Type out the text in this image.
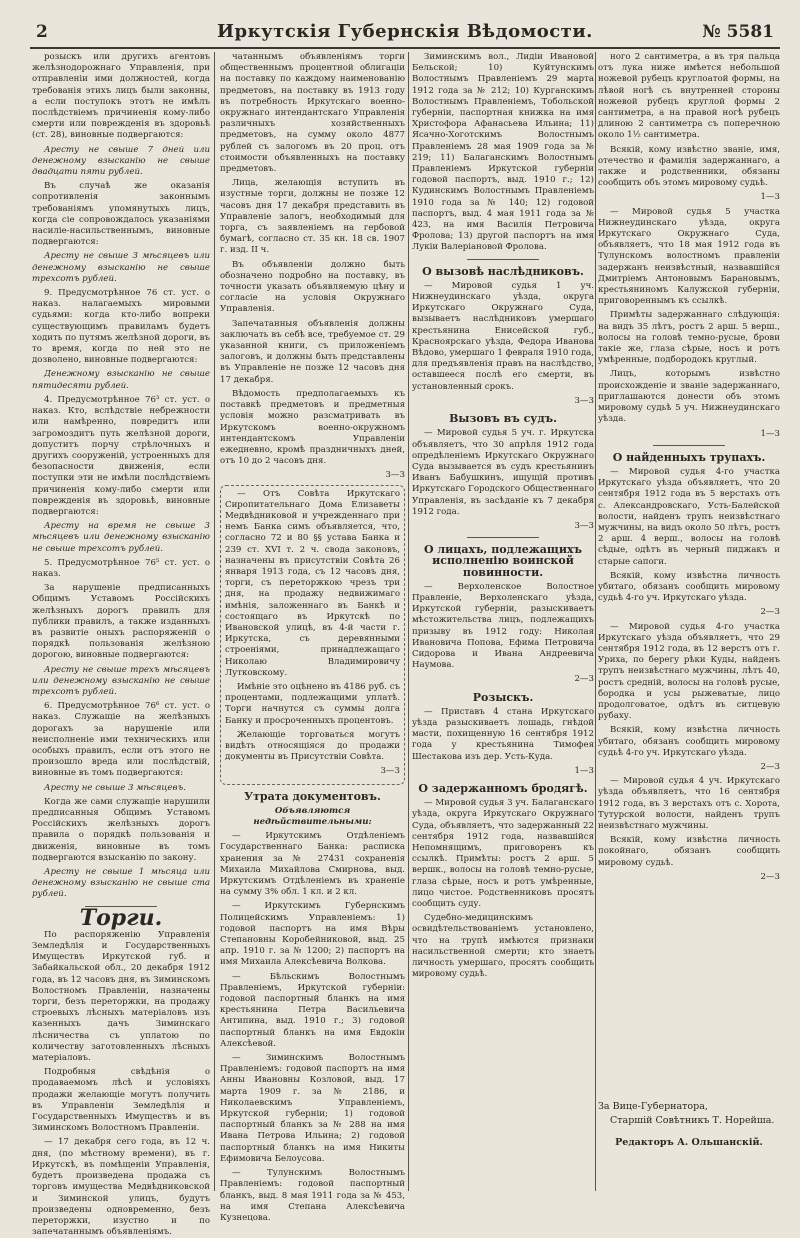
2	Иркутскія Губернскія Вѣдомости.	№ 5581

розыскъ или другихъ агентовъ желѣзнодорожнаго Управленія, при отправленіи ими должностей, когда требованія этихъ лицъ были законны, а если поступокъ этотъ не имѣлъ послѣдствіемъ причиненія кому-либо смерти или поврежденія въ здоровьѣ (ст. 28), виновные подвергаются:

Аресту не свыше 7 дней или денежному взысканію не свыше двадцати пяти рублей.

Въ случаѣ же оказанія сопротивленія законнымъ требованіямъ упомянутыхъ лицъ, когда сіе сопровождалось указаніями насиліе-насильственнымъ, виновные подвергаются:

Аресту не свыше 3 мѣсяцевъ или денежному взысканію не свыше трехсотъ рублей.

9. Предусмотрѣнное 76 ст. уст. о наказ. налагаемыхъ мировыми судьями: когда кто-либо вопреки существующимъ правиламъ будетъ ходить по путямъ желѣзной дороги, въ то время, когда по ней это не дозволено, виновные подвергаются:

Денежному взысканію не свыше пятидесяти рублей.

4. Предусмотрѣнное 76³ ст. уст. о наказ. Кто, вслѣдствіе небрежности или намѣренно, повредитъ или загромоздитъ путь желѣзной дороги, допуститъ порчу стрѣлочныхъ и другихъ сооруженій, устроенныхъ для безопасности движенія, если поступки эти не имѣли послѣдствіемъ причиненія кому-либо смерти или поврежденія въ здоровьѣ, виновные подвергаются:

Аресту на время не свыше 3 мѣсяцевъ или денежному взысканію не свыше трехсотъ рублей.

5. Предусмотрѣнное 76⁵ ст. уст. о наказ.

За нарушеніе предписанныхъ Общимъ Уставомъ Россійскихъ желѣзныхъ дорогъ правилъ для публики правилъ, а также изданныхъ въ развитіе оныхъ распоряженій о порядкѣ пользованія желѣзною дорогою, виновные подвергаются:

Аресту не свыше трехъ мѣсяцевъ или денежному взысканію не свыше трехсотъ рублей.

6. Предусмотрѣнное 76⁶ ст. уст. о наказ. Служащіе на желѣзныхъ дорогахъ за нарушеніе или неисполненіе ими техническихъ или особыхъ правилъ, если отъ этого не произошло вреда или послѣдствій, виновные въ томъ подвергаются:

Аресту не свыше 3 мѣсяцевъ.

Когда же сами служащіе нарушили предписанныя Общимъ Уставомъ Россійскихъ желѣзныхъ дорогъ правила о порядкѣ пользованія и движенія, виновные въ томъ подвергаются взысканію по закону.

Аресту не свыше 1 мѣсяца или денежному взысканію не свыше ста рублей.

Торги.

По распоряженію Управленія Земледѣлія и Государственныхъ Имуществъ Иркутской губ. и Забайкальской обл., 20 декабря 1912 года, въ 12 часовъ дня, въ Зиминскомъ Волостномъ Правленіи, назначены торги, безъ переторжки, на продажу строевыхъ лѣсныхъ матеріаловъ изъ казенныхъ дачъ Зиминскаго лѣсничества съ уплатою по количеству заготовленныхъ лѣсныхъ матеріаловъ.

Подробныя свѣдѣнія о продаваемомъ лѣсѣ и условіяхъ продажи желающіе могутъ получить въ Управленіи Земледѣлія и Государственныхъ Имуществъ и въ Зиминскомъ Волостномъ Правленіи.

— 17 декабря сего года, въ 12 ч. дня, (по мѣстному времени), въ г. Иркутскѣ, въ помѣщеніи Управленія, будетъ произведена продажа съ торговъ имущества Медвѣдниковской и Зиминской улицъ, будутъ произведены одновременно, безъ переторжки, изустно и по запечатаннымъ объявленіямъ.

чатаннымъ объявленіямъ торги общественнымъ процентной облигаціи на поставку по каждому наименованію предметовъ, на поставку въ 1913 году въ потребность Иркутскаго военно-окружнаго интендантскаго Управленія различныхъ хозяйственныхъ предметовъ, на сумму около 4877 рублей съ залогомъ въ 20 проц. отъ стоимости объявленныхъ на поставку предметовъ.

Лица, желающія вступить въ изустные торги, должны не позже 12 часовъ дня 17 декабря представить въ Управленіе залогъ, необходимый для торга, съ заявленіемъ на гербовой бумагѣ, согласно ст. 35 кн. 18 св. 1907 г. изд. II ч.

Въ объявленіи должно быть обозначено подробно на поставку, въ точности указать объявляемую цѣну и согласіе на условія Окружнаго Управленія.

Запечатанныя объявленія должны заключать въ себѣ все, требуемое ст. 29 указанной книги, съ приложеніемъ залоговъ, и должны быть представлены въ Управленіе не позже 12 часовъ дня 17 декабря.

Вѣдомость предполагаемыхъ къ поставкѣ предметовъ и предметныя условія можно разсматривать въ Иркутскомъ военно-окружномъ интендантскомъ Управленіи ежедневно, кромѣ праздничныхъ дней, отъ 10 до 2 часовъ дня.

3—3

— Отъ Совѣта Иркутскаго Сиропитательнаго Дома Елизаветы Медвѣдниковой и учрежденнаго при немъ Банка симъ объявляется, что, согласно 72 и 80 §§ устава Банка и 239 ст. XVI т. 2 ч. свода законовъ, назначены въ присутствіи Совѣта 26 января 1913 года, съ 12 часовъ дня, торги, съ переторжкою чрезъ три дня, на продажу недвижимаго имѣнія, заложеннаго въ Банкѣ и состоящаго въ Иркутскѣ по Ивановской улицѣ, въ 4-й части г. Иркутска, съ деревянными строеніями, принадлежащаго Николаю Владимировичу Лутковскому.

Имѣніе это оцѣнено въ 4186 руб. съ процентами, подлежащими уплатѣ. Торги начнутся съ суммы долга Банку и просроченныхъ процентовъ.

Желающіе торговаться могутъ видѣть относящіяся до продажи документы въ Присутствіи Совѣта.

3—3
Утрата документовъ.
Объявляются недѣйствительными:

— Иркутскимъ Отдѣленіемъ Государственнаго Банка: расписка хранения за № 27431 сохраненія Михаила Михайлова Смирнова, выд. Иркутскимъ Отдѣленіемъ въ храненіе на сумму 3% обл. 1 кл. и 2 кл.

— Иркутскимъ Губернскимъ Полицейскимъ Управленіемъ: 1) годовой паспортъ на имя Вѣры Степановны Коробейниковой, выд. 25 апр. 1910 г. за № 1200; 2) паспортъ на имя Михаила Алексѣевича Волкова.

— Бѣльскимъ Волостнымъ Правленіемъ, Иркутской губерніи: годовой паспортный бланкъ на имя крестьянина Петра Васильевича Антипина, выд. 1910 г.; 3) годовой паспортный бланкъ на имя Евдокіи Алексѣевой.

— Зиминскимъ Волостнымъ Правленіемъ: годовой паспортъ на имя Анны Ивановны Козловой, выд. 17 марта 1909 г. за № 2186, и Николаевскимъ Управленіемъ, Иркутской губерніи; 1) годовой паспортный бланкъ за № 288 на имя Ивана Петрова Ильина; 2) годовой паспортный бланкъ на имя Никиты Ефимовича Белоусова.

— Тулунскимъ Волостнымъ Правленіемъ: годовой паспортный бланкъ, выд. 8 мая 1911 года за № 453, на имя Степана Алексѣевича Кузнецова.

Зиминскимъ вол., Лидіи Ивановой Бельской; 10) Куйтунскимъ Волостнымъ Правленіемъ 29 марта 1912 года за № 212; 10) Курганскимъ Волостнымъ Правленіемъ, Тобольской губерніи, паспортная книжка на имя Христофора Афанасьева Ильина; 11) Ясачно-Хоготскимъ Волостнымъ Правленіемъ 28 мая 1909 года за № 219; 11) Балаганскимъ Волостнымъ Правленіемъ Иркутской губерніи годовой паспортъ, выд. 1910 г.; 12) Кудинскимъ Волостнымъ Правленіемъ 1910 года за № 140; 12) годовой паспортъ, выд. 4 мая 1911 года за № 423, на имя Василія Петровича Фролова; 13) другой паспортъ на имя Лукіи Валеріановой Фролова.

О вызовѣ наслѣдниковъ.

— Мировой судья 1 уч. Нижнеудинскаго уѣзда, округа Иркутскаго Окружнаго Суда, вызываетъ наслѣдниковъ умершаго крестьянина Енисейской губ., Красноярскаго уѣзда, Федора Иванова Вѣдово, умершаго 1 февраля 1910 года, для предъявленія правъ на наслѣдство, оставшееся послѣ его смерти, въ установленный срокъ.

3—3
Вызовъ въ судъ.

— Мировой судья 5 уч. г. Иркутска объявляетъ, что 30 апрѣля 1912 года опредѣленіемъ Иркутскаго Окружнаго Суда вызывается въ судъ крестьянинъ Иванъ Бабушкинъ, ищущій противъ Иркутскаго Городского Общественнаго Управленія, въ засѣданіе къ 7 декабря 1912 года.

3—3
О лицахъ, подлежащихъ исполненію воинской повинности.

— Верхоленское Волостное Правленіе, Верхоленскаго уѣзда, Иркутской губерніи, разыскиваетъ мѣстожительства лицъ, подлежащихъ призыву въ 1912 году: Николая Ивановича Попова, Ефима Петровича Сидорова и Ивана Андреевича Наумова.

2—3
Розыскъ.

— Приставъ 4 стана Иркутскаго уѣзда разыскиваетъ лошадь, гнѣдой масти, похищенную 16 сентября 1912 года у крестьянина Тимофея Шестакова изъ дер. Усть-Куда.

1—3
О задержанномъ бродягѣ.

— Мировой судья 3 уч. Балаганскаго уѣзда, округа Иркутскаго Окружнаго Суда, объявляетъ, что задержанный 22 сентября 1912 года, назвавшійся Непомнящимъ, приговоренъ къ ссылкѣ. Примѣты: ростъ 2 арш. 5 вершк., волосы на головѣ темно-русые, глаза сѣрые, носъ и ротъ умѣренные, лицо чистое. Родственниковъ просятъ сообщить суду.

Судебно-медицинскимъ освидѣтельствованіемъ установлено, что на трупѣ имѣются признаки насильственной смерти; кто знаетъ личность умершаго, просятъ сообщить мировому судьѣ.

ного 2 сантиметра, а въ тря пальца отъ лука ниже имѣется небольшой ножевой рубецъ круглоатой формы, на лѣвой ногѣ съ внутренней стороны ножевой рубецъ круглой формы 2 сантиметра, а на правой ногѣ рубецъ длиною 2 сантиметра съ поперечною около 1½ сантиметра.

Всякій, кому извѣстно званіе, имя, отечество и фамилія задержаннаго, а также и родственники, обязаны сообщить объ этомъ мировому судьѣ.

1—3

— Мировой судья 5 участка Нижнеудинскаго уѣзда, округа Иркутскаго Окружнаго Суда, объявляетъ, что 18 мая 1912 года въ Тулунскомъ волостномъ правленіи задержанъ неизвѣстный, назвавшійся Дмитріемъ Антоновымъ Барановымъ, крестьяниномъ Калужской губерніи, приговореннымъ къ ссылкѣ.

Примѣты задержаннаго слѣдующія: на видъ 35 лѣтъ, ростъ 2 арш. 5 верш., волосы на головѣ темно-русые, брови такіе же, глаза сѣрые, носъ и ротъ умѣренные, подбородокъ круглый.

Лицъ, которымъ извѣстно происхожденіе и званіе задержаннаго, приглашаются донести объ этомъ мировому судьѣ 5 уч. Нижнеудинскаго уѣзда.

1—3
О найденныхъ трупахъ.

— Мировой судья 4-го участка Иркутскаго уѣзда объявляетъ, что 20 сентября 1912 года въ 5 верстахъ отъ с. Александровскаго, Усть-Балейской волости, найденъ трупъ неизвѣстнаго мужчины, на видъ около 50 лѣтъ, ростъ 2 арш. 4 верш., волосы на головѣ сѣдые, одѣтъ въ черный пиджакъ и старые сапоги.

Всякій, кому извѣстна личность убитаго, обязанъ сообщить мировому судьѣ 4-го уч. Иркутскаго уѣзда.

2—3

— Мировой судья 4-го участка Иркутскаго уѣзда объявляетъ, что 29 сентября 1912 года, въ 12 верстъ отъ г. Уриха, по берегу рѣки Куды, найденъ трупъ неизвѣстнаго мужчины, лѣтъ 40, ростъ средній, волосы на головѣ русые, бородка и усы рыжеватые, лицо продолговатое, одѣтъ въ ситцевую рубаху.

Всякій, кому извѣстна личность убитаго, обязанъ сообщить мировому судьѣ 4-го уч. Иркутскаго уѣзда.

2—3

— Мировой судья 4 уч. Иркутскаго уѣзда объявляетъ, что 16 сентября 1912 года, въ 3 верстахъ отъ с. Хорота, Тутурской волости, найденъ трупъ неизвѣстнаго мужчины.

Всякій, кому извѣстна личность покойнаго, обязанъ сообщить мировому судьѣ.

2—3

За Вице-Губернатора,

Старшій Совѣтникъ Т. Норейша.

Редакторъ А. Ольшанскій.
